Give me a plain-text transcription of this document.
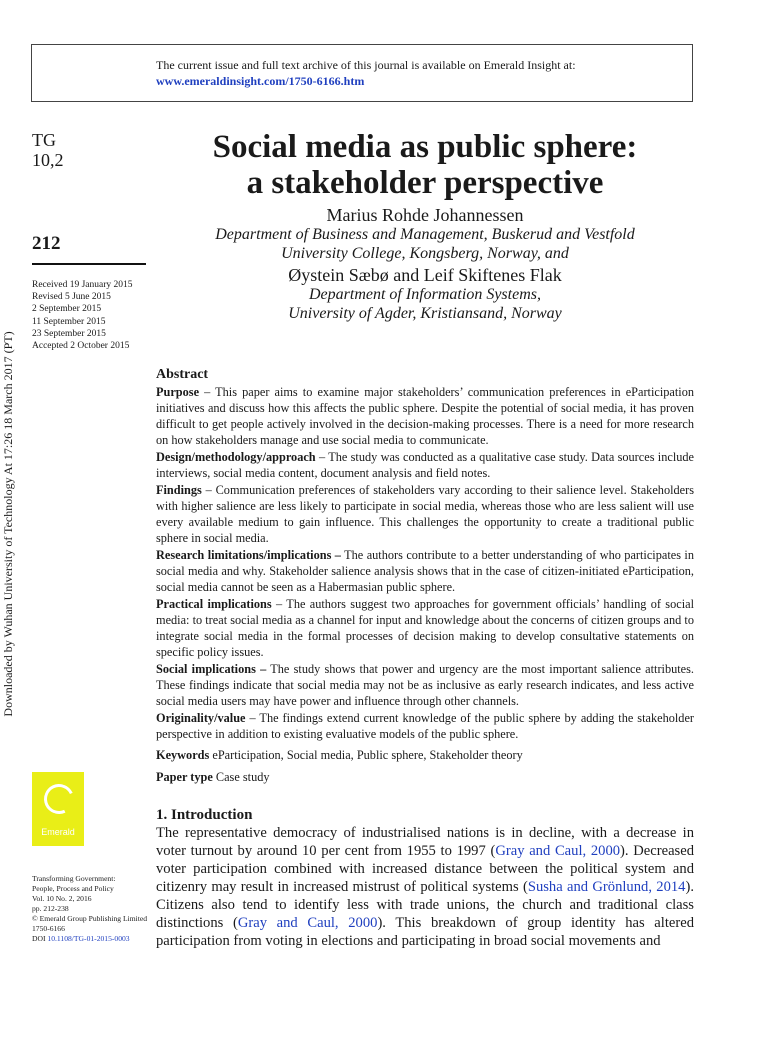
The current issue and full text archive of this journal is available on Emerald Insight at:
www.emeraldinsight.com/1750-6166.htm
Downloaded by Wuhan University of Technology At 17:26 18 March 2017 (PT)
TG
10,2
212
Received 19 January 2015
Revised 5 June 2015
2 September 2015
11 September 2015
23 September 2015
Accepted 2 October 2015
Social media as public sphere:
a stakeholder perspective
Marius Rohde Johannessen
Department of Business and Management, Buskerud and Vestfold
University College, Kongsberg, Norway, and
Øystein Sæbø and Leif Skiftenes Flak
Department of Information Systems,
University of Agder, Kristiansand, Norway
Abstract

Purpose – This paper aims to examine major stakeholders’ communication preferences in eParticipation initiatives and discuss how this affects the public sphere. Despite the potential of social media, it has proven difficult to get people actively involved in the decision-making processes. There is a need for more research on how stakeholders manage and use social media to communicate.

Design/methodology/approach – The study was conducted as a qualitative case study. Data sources include interviews, social media content, document analysis and field notes.

Findings – Communication preferences of stakeholders vary according to their salience level. Stakeholders with higher salience are less likely to participate in social media, whereas those who are less salient will use every available medium to gain influence. This challenges the opportunity to create a traditional public sphere in social media.

Research limitations/implications – The authors contribute to a better understanding of who participates in social media and why. Stakeholder salience analysis shows that in the case of citizen-initiated eParticipation, social media cannot be seen as a Habermasian public sphere.

Practical implications – The authors suggest two approaches for government officials’ handling of social media: to treat social media as a channel for input and knowledge about the concerns of citizen groups and to integrate social media in the formal processes of decision making to develop consultative statements on specific policy issues.

Social implications – The study shows that power and urgency are the most important salience attributes. These findings indicate that social media may not be as inclusive as early research indicates, and less active social media users may have power and influence through other channels.

Originality/value – The findings extend current knowledge of the public sphere by adding the stakeholder perspective in addition to existing evaluative models of the public sphere.

Keywords eParticipation, Social media, Public sphere, Stakeholder theory

Paper type Case study

Emerald
Transforming Government:
People, Process and Policy
Vol. 10 No. 2, 2016
pp. 212-238
© Emerald Group Publishing Limited
1750-6166
DOI 10.1108/TG-01-2015-0003
1. Introduction

The representative democracy of industrialised nations is in decline, with a decrease in voter turnout by around 10 per cent from 1955 to 1997 (Gray and Caul, 2000). Decreased voter participation combined with increased distance between the political system and citizenry may result in increased mistrust of political systems (Susha and Grönlund, 2014). Citizens also tend to identify less with trade unions, the church and traditional class distinctions (Gray and Caul, 2000). This breakdown of group identity has altered participation from voting in elections and participating in broad social movements and
